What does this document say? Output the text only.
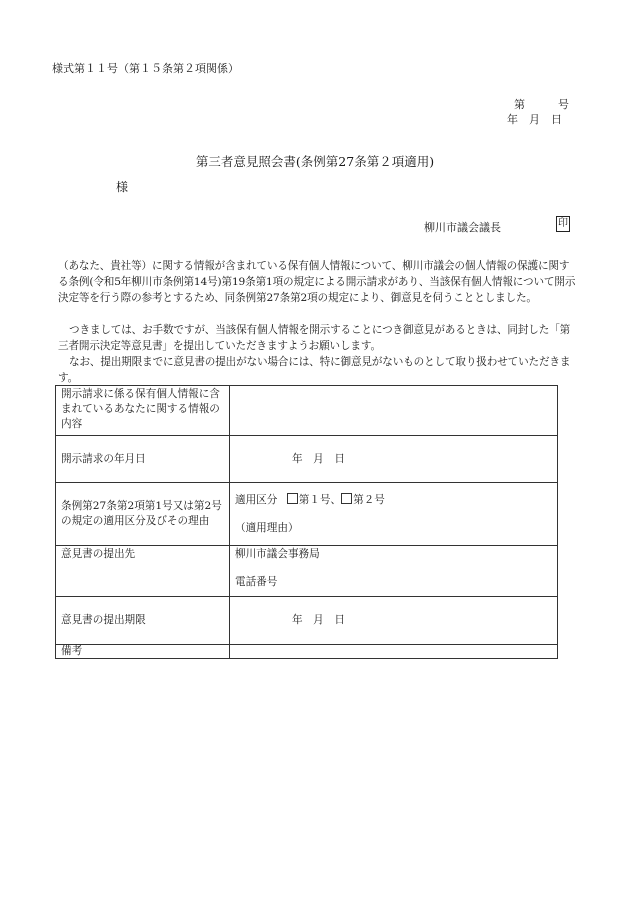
様式第１１号（第１５条第２項関係）
第　　　号
年　月　日
第三者意見照会書(条例第27条第２項適用)
様
柳川市議会議長	印
（あなた、貴社等）に関する情報が含まれている保有個人情報について、柳川市議会の個人情報の保護に関する条例(令和5年柳川市条例第14号)第19条第1項の規定による開示請求があり、当該保有個人情報について開示決定等を行う際の参考とするため、同条例第27条第2項の規定により、御意見を伺うこととしました。
つきましては、お手数ですが、当該保有個人情報を開示することにつき御意見があるときは、同封した「第三者開示決定等意見書」を提出していただきますようお願いします。
なお、提出期限までに意見書の提出がない場合には、特に御意見がないものとして取り扱わせていただきます。
開示請求に係る保有個人情報に含まれているあなたに関する情報の内容	
開示請求の年月日	年　月　日
条例第27条第2項第1号又は第2号の規定の適用区分及びその理由	適用区分 第１号、 第２号
（適用理由）

意見書の提出先	柳川市議会事務局
電話番号

意見書の提出期限	年　月　日
備考	
